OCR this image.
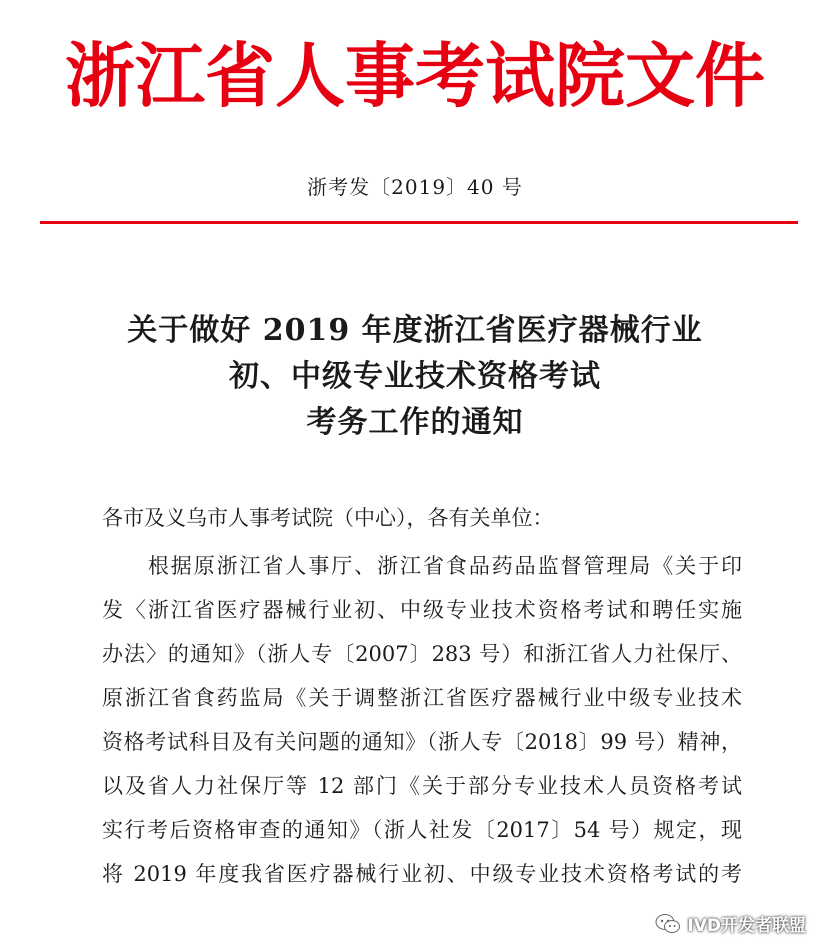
浙江省人事考试院文件
浙考发〔2019〕40 号
关于做好 2019 年度浙江省医疗器械行业
初、中级专业技术资格考试
考务工作的通知
各市及义乌市人事考试院（中心），各有关单位：
　　根据原浙江省人事厅、浙江省食品药品监督管理局《关于印
发〈浙江省医疗器械行业初、中级专业技术资格考试和聘任实施
办法〉的通知》（浙人专〔2007〕283 号）和浙江省人力社保厅、
原浙江省食药监局《关于调整浙江省医疗器械行业中级专业技术
资格考试科目及有关问题的通知》（浙人专〔2018〕99 号）精神，
以及省人力社保厅等 12 部门《关于部分专业技术人员资格考试
实行考后资格审查的通知》（浙人社发〔2017〕54 号）规定，现
将 2019 年度我省医疗器械行业初、中级专业技术资格考试的考
IVD开发者联盟
